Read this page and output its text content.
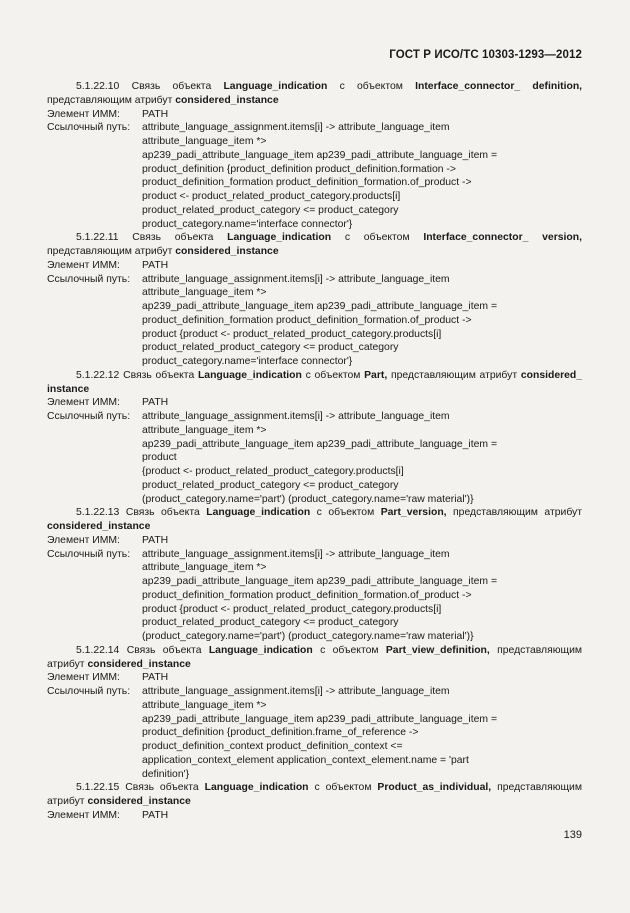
ГОСТ Р ИСО/ТС 10303-1293—2012

5.1.22.10 Связь объекта Language_indication с объектом Interface_connector_ definition, представляющим атрибут considered_instance

Элемент ИММ:	PATH
Ссылочный путь:	attribute_language_assignment.items[i] -> attribute_language_item
attribute_language_item *>
ap239_padi_attribute_language_item ap239_padi_attribute_language_item =
product_definition {product_definition product_definition.formation ->
product_definition_formation product_definition_formation.of_product ->
product <- product_related_product_category.products[i]
product_related_product_category <= product_category
product_category.name='interface connector'}

5.1.22.11 Связь объекта Language_indication с объектом Interface_connector_ version, представляющим атрибут considered_instance

Элемент ИММ:	PATH
Ссылочный путь:	attribute_language_assignment.items[i] -> attribute_language_item
attribute_language_item *>
ap239_padi_attribute_language_item ap239_padi_attribute_language_item =
product_definition_formation product_definition_formation.of_product ->
product {product <- product_related_product_category.products[i]
product_related_product_category <= product_category
product_category.name='interface connector'}

5.1.22.12 Связь объекта Language_indication с объектом Part, представляющим атрибут considered_ instance

Элемент ИММ:	PATH
Ссылочный путь:	attribute_language_assignment.items[i] -> attribute_language_item
attribute_language_item *>
ap239_padi_attribute_language_item ap239_padi_attribute_language_item =
product
{product <- product_related_product_category.products[i]
product_related_product_category <= product_category
(product_category.name='part') (product_category.name='raw material')}

5.1.22.13 Связь объекта Language_indication с объектом Part_version, представляющим атрибут considered_instance

Элемент ИММ:	PATH
Ссылочный путь:	attribute_language_assignment.items[i] -> attribute_language_item
attribute_language_item *>
ap239_padi_attribute_language_item ap239_padi_attribute_language_item =
product_definition_formation product_definition_formation.of_product ->
product {product <- product_related_product_category.products[i]
product_related_product_category <= product_category
(product_category.name='part') (product_category.name='raw material')}

5.1.22.14 Связь объекта Language_indication с объектом Part_view_definition, представляющим атрибут considered_instance

Элемент ИММ:	PATH
Ссылочный путь:	attribute_language_assignment.items[i] -> attribute_language_item
attribute_language_item *>
ap239_padi_attribute_language_item ap239_padi_attribute_language_item =
product_definition {product_definition.frame_of_reference ->
product_definition_context product_definition_context <=
application_context_element application_context_element.name = 'part
definition'}

5.1.22.15 Связь объекта Language_indication с объектом Product_as_individual, представляющим атрибут considered_instance

Элемент ИММ:	PATH
139
